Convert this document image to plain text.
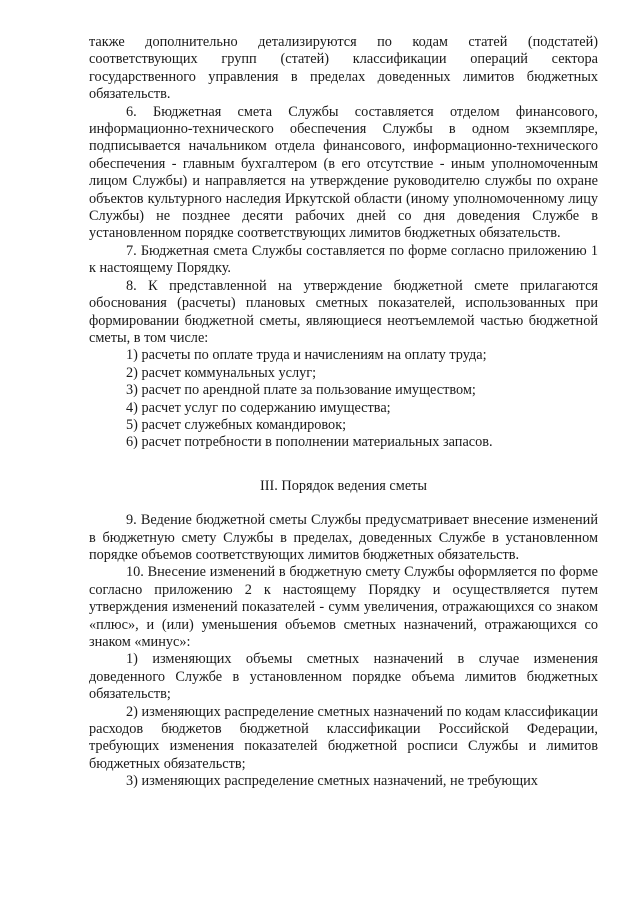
также дополнительно детализируются по кодам статей (подстатей) соответствующих групп (статей) классификации операций сектора государственного управления в пределах доведенных лимитов бюджетных обязательств.

6. Бюджетная смета Службы составляется отделом финансового, информационно-технического обеспечения Службы в одном экземпляре, подписывается начальником отдела финансового, информационно-технического обеспечения - главным бухгалтером (в его отсутствие - иным уполномоченным лицом Службы) и направляется на утверждение руководителю службы по охране объектов культурного наследия Иркутской области (иному уполномоченному лицу Службы) не позднее десяти рабочих дней со дня доведения Службе в установленном порядке соответствующих лимитов бюджетных обязательств.

7. Бюджетная смета Службы составляется по форме согласно приложению 1 к настоящему Порядку.

8. К представленной на утверждение бюджетной смете прилагаются обоснования (расчеты) плановых сметных показателей, использованных при формировании бюджетной сметы, являющиеся неотъемлемой частью бюджетной сметы, в том числе:

1) расчеты по оплате труда и начислениям на оплату труда;

2) расчет коммунальных услуг;

3) расчет по арендной плате за пользование имуществом;

4) расчет услуг по содержанию имущества;

5) расчет служебных командировок;

6) расчет потребности в пополнении материальных запасов.

III. Порядок ведения сметы

9. Ведение бюджетной сметы Службы предусматривает внесение изменений в бюджетную смету Службы в пределах, доведенных Службе в установленном порядке объемов соответствующих лимитов бюджетных обязательств.

10. Внесение изменений в бюджетную смету Службы оформляется по форме согласно приложению 2 к настоящему Порядку и осуществляется путем утверждения изменений показателей - сумм увеличения, отражающихся со знаком «плюс», и (или) уменьшения объемов сметных назначений, отражающихся со знаком «минус»:

1) изменяющих объемы сметных назначений в случае изменения доведенного Службе в установленном порядке объема лимитов бюджетных обязательств;

2) изменяющих распределение сметных назначений по кодам классификации расходов бюджетов бюджетной классификации Российской Федерации, требующих изменения показателей бюджетной росписи Службы и лимитов бюджетных обязательств;

3) изменяющих распределение сметных назначений, не требующих
